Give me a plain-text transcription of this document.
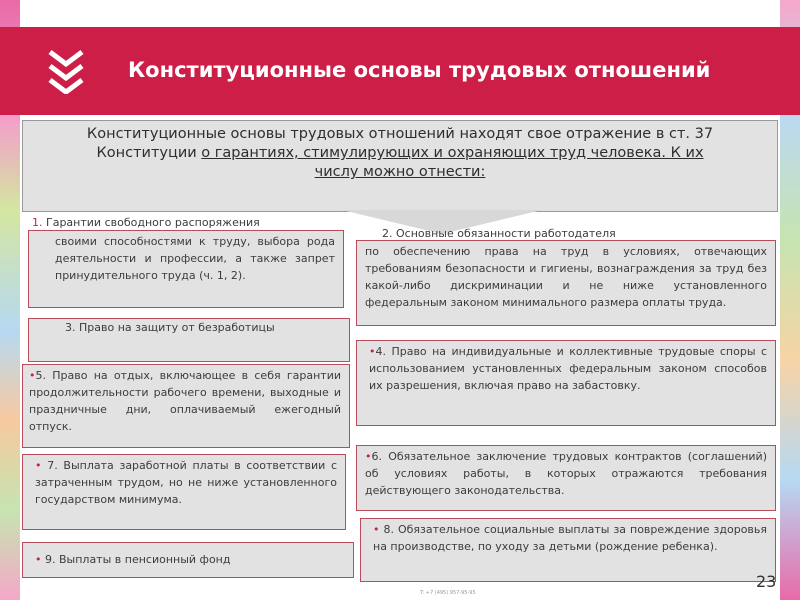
Конституционные основы трудовых отношений
Конституционные основы трудовых отношений находят свое отражение в ст. 37
Конституции о гарантиях, стимулирующих и охраняющих труд человека. К их
числу можно отнести:
1. Гарантии свободного распоряжения
своими способностями к труду, выбора рода деятельности и профессии, а также запрет принудительного труда (ч. 1, 2).
2. Основные обязанности работодателя
по обеспечению права на труд в условиях, отвечающих требованиям безопасности и гигиены, вознаграждения за труд без какой-либо дискриминации и не ниже установленного федеральным законом минимального размера оплаты труда.
3. Право на защиту от безработицы
•4. Право на индивидуальные и коллективные трудовые споры с использованием установленных федеральным законом способов их разрешения, включая право на забастовку.
•5. Право на отдых, включающее в себя гарантии продолжительности рабочего времени, выходные и праздничные дни, оплачиваемый ежегодный отпуск.
•6. Обязательное заключение трудовых контрактов (соглашений) об условиях работы, в которых отражаются требования действующего законодательства.
• 7. Выплата заработной платы в соответствии с затраченным трудом, но не ниже установленного государством минимума.
• 8. Обязательное социальные выплаты за повреждение здоровья на производстве, по уходу за детьми (рождение ребенка).
• 9. Выплаты в пенсионный фонд
T: +7 (495) 957-95-95
23
